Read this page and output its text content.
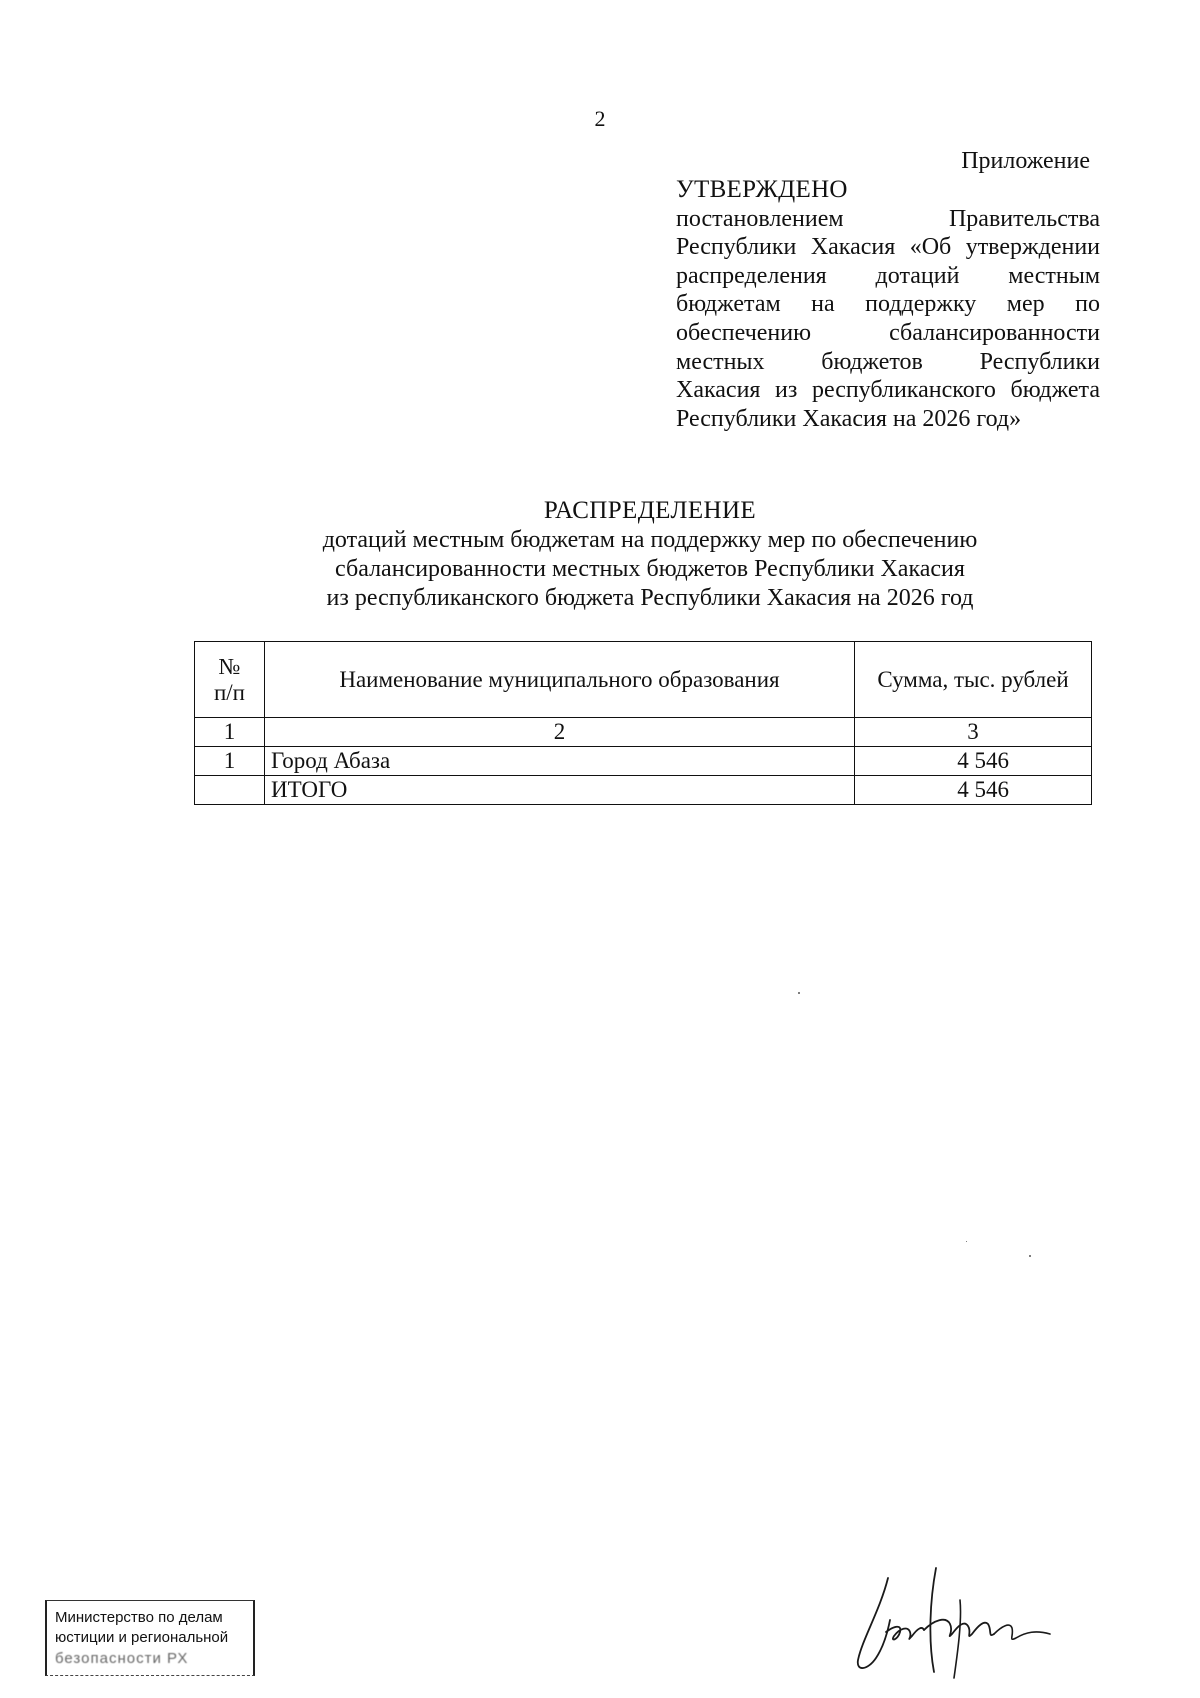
2
Приложение
УТВЕРЖДЕНО
постановлением Правительства
Республики Хакасия «Об утверждении
распределения дотаций местным
бюджетам на поддержку мер по
обеспечению сбалансированности
местных бюджетов Республики
Хакасия из республиканского бюджета
Республики Хакасия на 2026 год»
РАСПРЕДЕЛЕНИЕ
дотаций местным бюджетам на поддержку мер по обеспечению
сбалансированности местных бюджетов Республики Хакасия
из республиканского бюджета Республики Хакасия на 2026 год
№
п/п	Наименование муниципального образования	Сумма, тыс. рублей
1	2	3
1	Город Абаза	4 546
	ИТОГО	4 546
Министерство по делам
юстиции и региональной
безопасности РХ
